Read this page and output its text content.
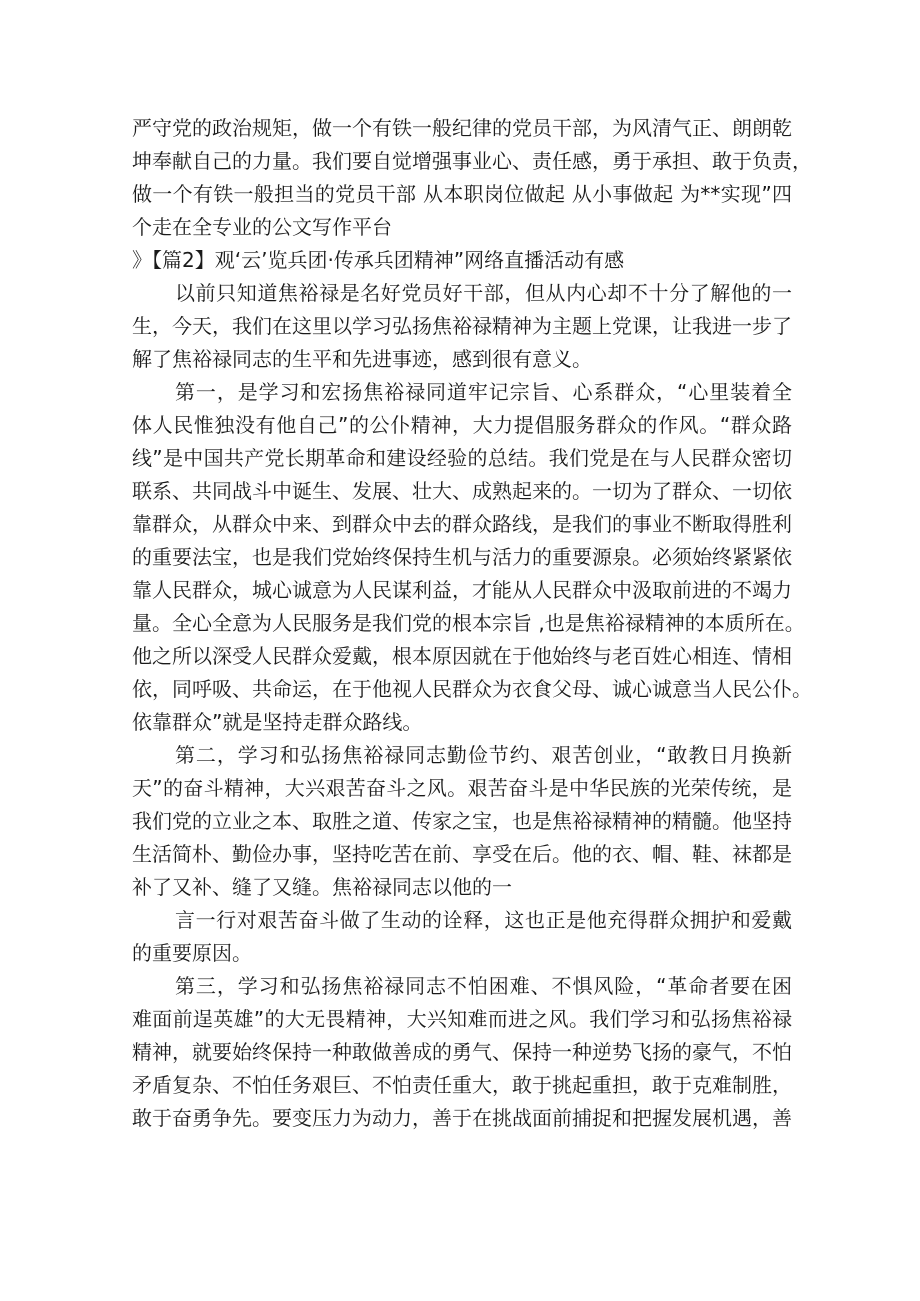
严守党的政治规矩，做一个有铁一般纪律的党员干部，为风清气正、朗朗乾
坤奉献自己的力量。我们要自觉增强事业心、责任感，勇于承担、敢于负责，
做一个有铁一般担当的党员干部 从本职岗位做起 从小事做起 为**实现”四
个走在全专业的公文写作平台
》【篇2】观‘云’览兵团·传承兵团精神”网络直播活动有感
以前只知道焦裕禄是名好党员好干部，但从内心却不十分了解他的一
生，今天，我们在这里以学习弘扬焦裕禄精神为主题上党课，让我进一步了
解了焦裕禄同志的生平和先进事迹，感到很有意义。
第一，是学习和宏扬焦裕禄同道牢记宗旨、心系群众，“心里装着全
体人民惟独没有他自己”的公仆精神，大力提倡服务群众的作风。“群众路
线”是中国共产党长期革命和建设经验的总结。我们党是在与人民群众密切
联系、共同战斗中诞生、发展、壮大、成熟起来的。一切为了群众、一切依
靠群众，从群众中来、到群众中去的群众路线，是我们的事业不断取得胜利
的重要法宝，也是我们党始终保持生机与活力的重要源泉。必须始终紧紧依
靠人民群众，城心诚意为人民谋利益，才能从人民群众中汲取前进的不竭力
量。全心全意为人民服务是我们党的根本宗旨 ,也是焦裕禄精神的本质所在。
他之所以深受人民群众爱戴，根本原因就在于他始终与老百姓心相连、情相
依，同呼吸、共命运，在于他视人民群众为衣食父母、诚心诚意当人民公仆。
依靠群众”就是坚持走群众路线。
第二，学习和弘扬焦裕禄同志勤俭节约、艰苦创业，“敢教日月换新
天”的奋斗精神，大兴艰苦奋斗之风。艰苦奋斗是中华民族的光荣传统，是
我们党的立业之本、取胜之道、传家之宝，也是焦裕禄精神的精髓。他坚持
生活简朴、勤俭办事，坚持吃苦在前、享受在后。他的衣、帽、鞋、袜都是
补了又补、缝了又缝。焦裕禄同志以他的一
言一行对艰苦奋斗做了生动的诠释，这也正是他充得群众拥护和爱戴
的重要原因。
第三，学习和弘扬焦裕禄同志不怕困难、不惧风险，“革命者要在困
难面前逞英雄”的大无畏精神，大兴知难而进之风。我们学习和弘扬焦裕禄
精神，就要始终保持一种敢做善成的勇气、保持一种逆势飞扬的豪气，不怕
矛盾复杂、不怕任务艰巨、不怕责任重大，敢于挑起重担，敢于克难制胜，
敢于奋勇争先。要变压力为动力，善于在挑战面前捕捉和把握发展机遇，善
